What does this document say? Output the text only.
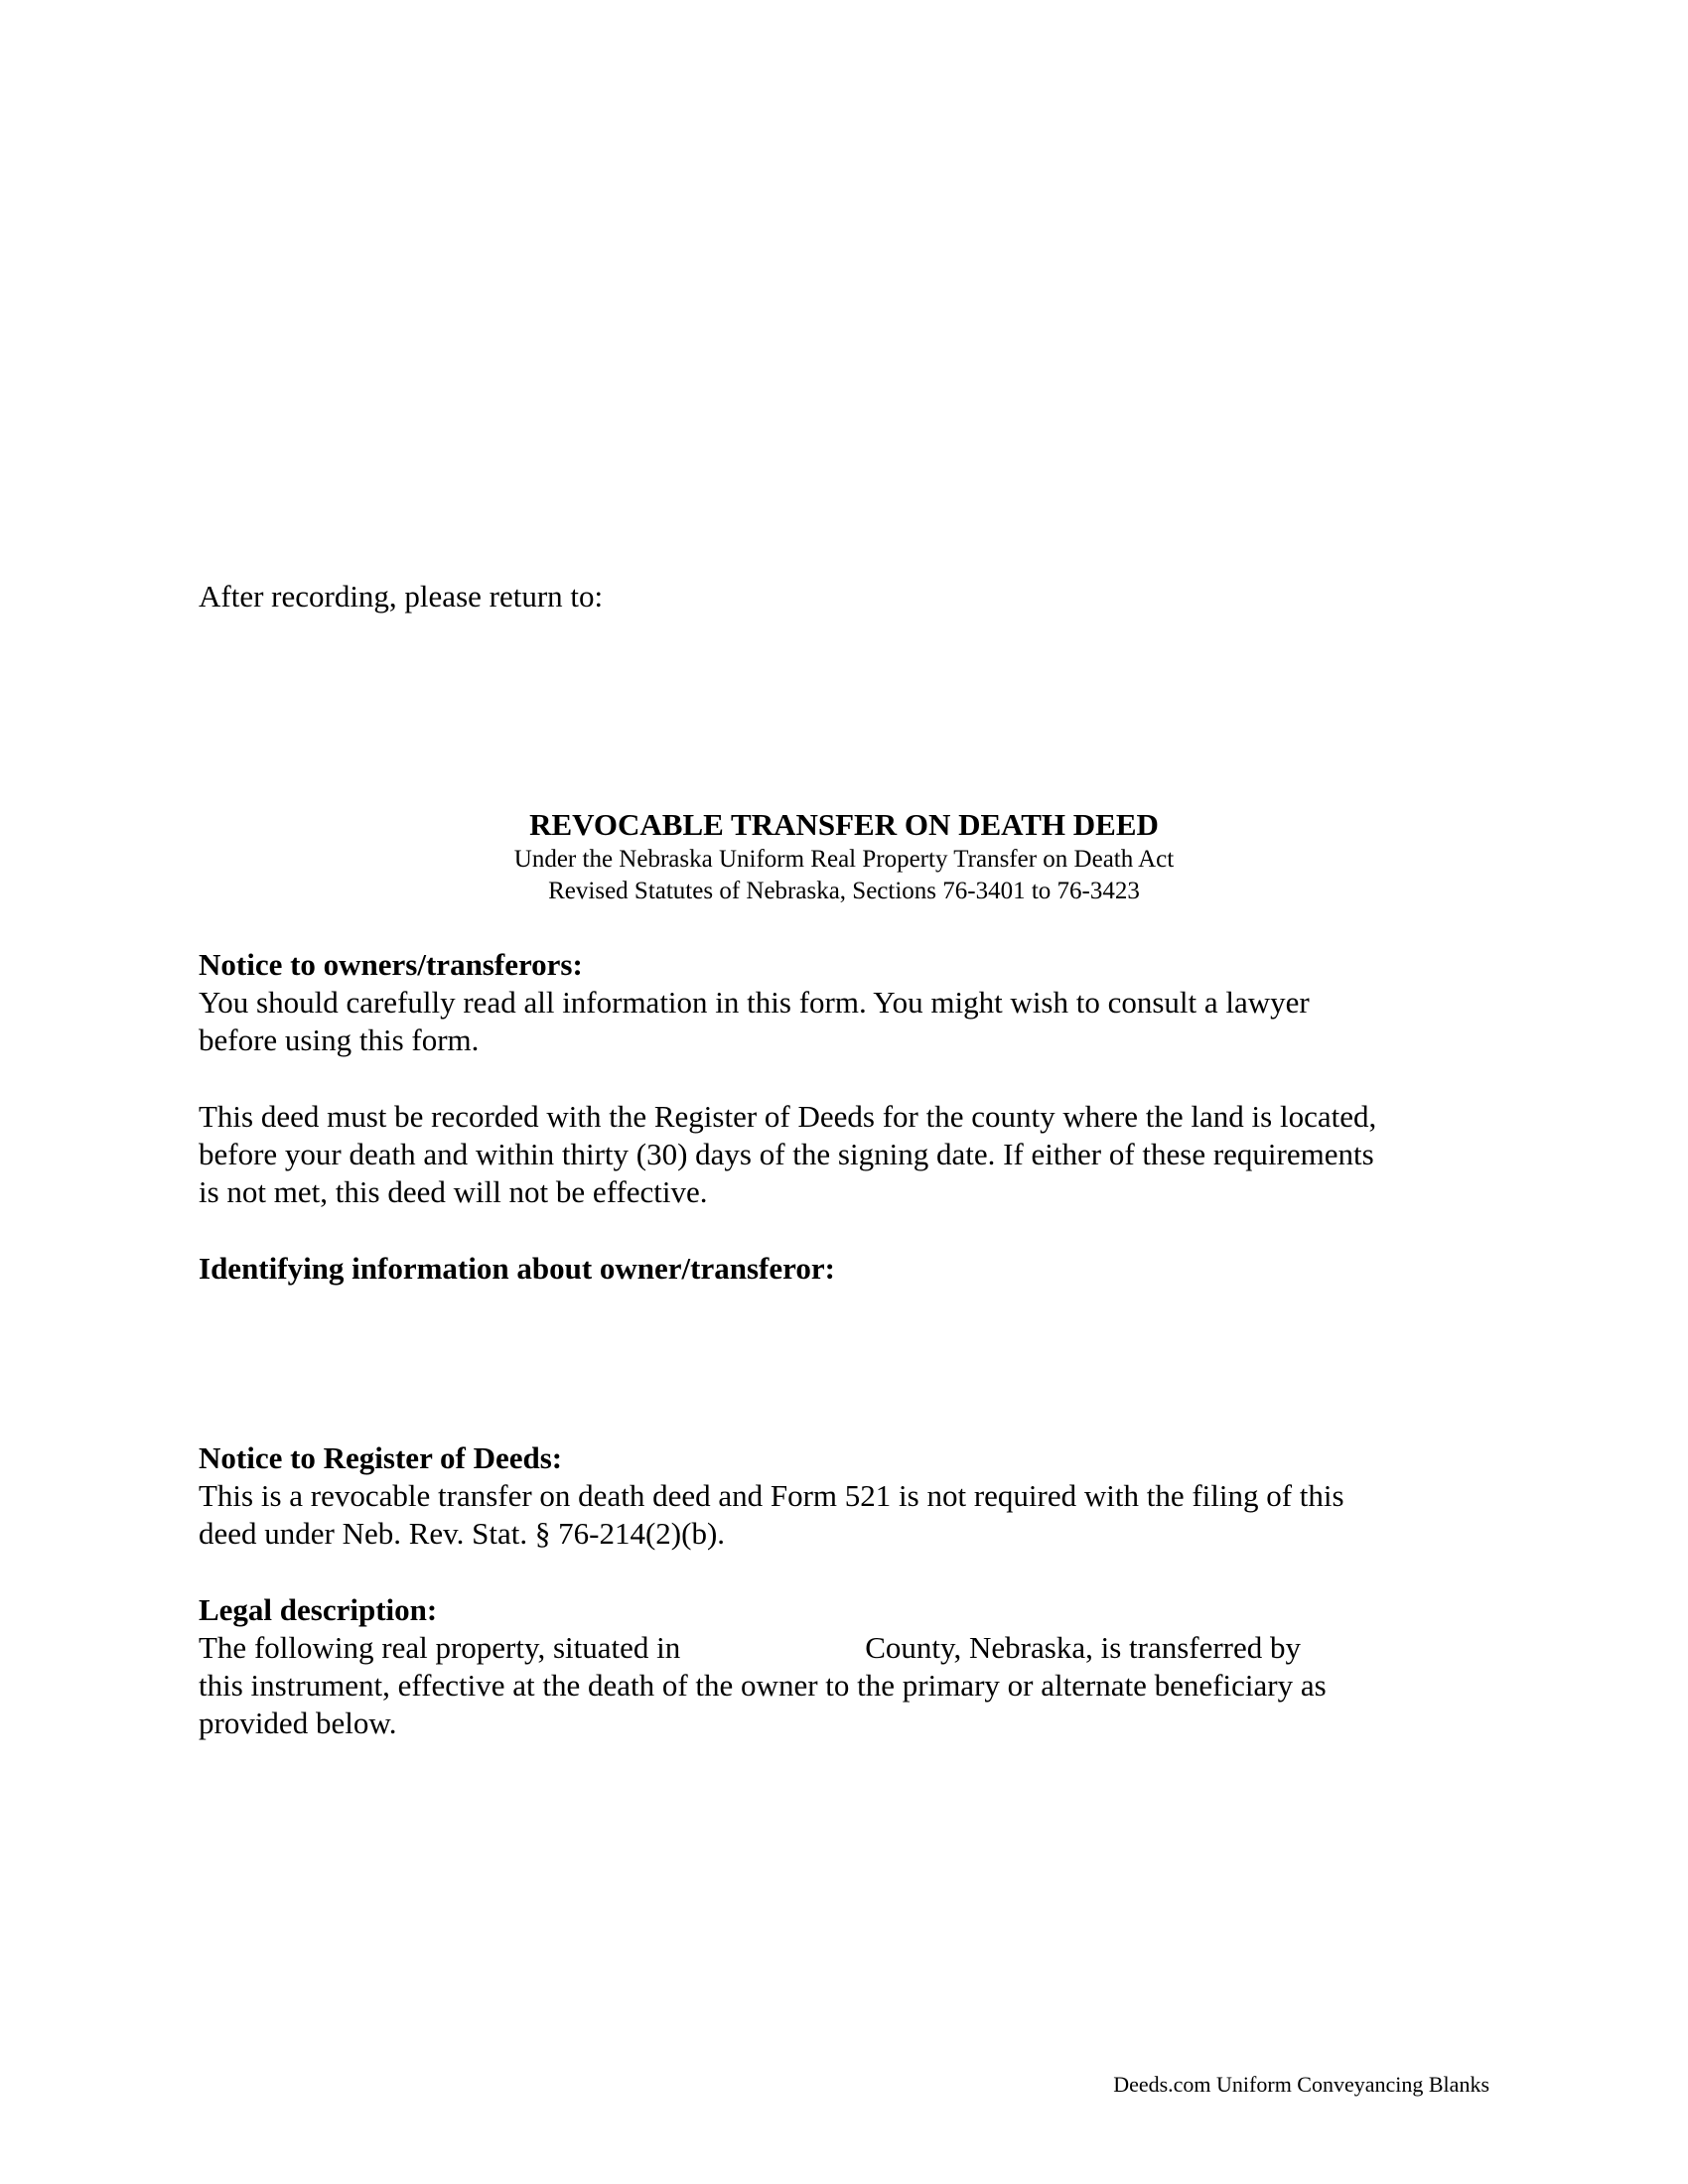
After recording, please return to:

REVOCABLE TRANSFER ON DEATH DEED
Under the Nebraska Uniform Real Property Transfer on Death Act
Revised Statutes of Nebraska, Sections 76-3401 to 76-3423

Notice to owners/transferors:

You should carefully read all information in this form. You might wish to consult a lawyer

before using this form.

This deed must be recorded with the Register of Deeds for the county where the land is located,

before your death and within thirty (30) days of the signing date. If either of these requirements

is not met, this deed will not be effective.

Identifying information about owner/transferor:

Notice to Register of Deeds:

This is a revocable transfer on death deed and Form 521 is not required with the filing of this

deed under Neb. Rev. Stat. § 76-214(2)(b).

Legal description:

The following real property, situated in	County, Nebraska, is transferred by

this instrument, effective at the death of the owner to the primary or alternate beneficiary as

provided below.

Deeds.com Uniform Conveyancing Blanks
